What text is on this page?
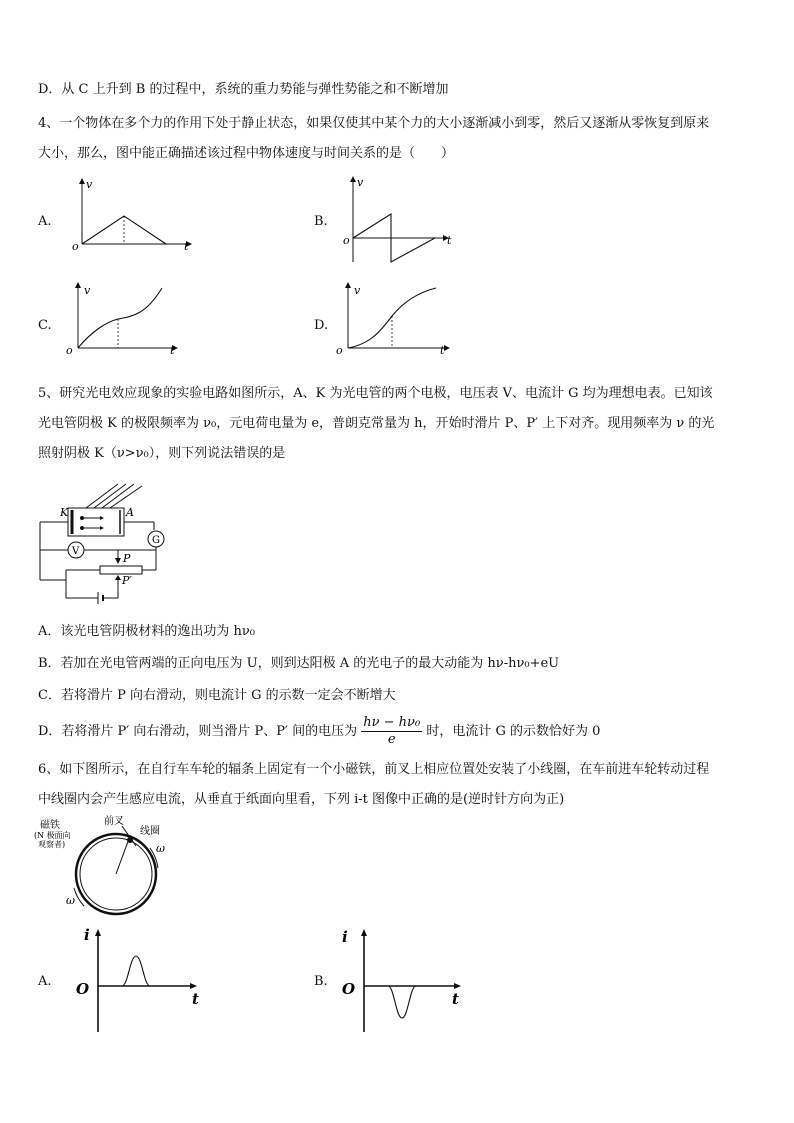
D．从 C 上升到 B 的过程中，系统的重力势能与弹性势能之和不断增加
4、一个物体在多个力的作用下处于静止状态，如果仅使其中某个力的大小逐渐减小到零，然后又逐渐从零恢复到原来
大小，那么，图中能正确描述该过程中物体速度与时间关系的是（　　）
A.	B.
C.	D.
v
o	t
v
o	t
v
o	t
v
o	t
5、研究光电效应现象的实验电路如图所示，A、K 为光电管的两个电极，电压表 V、电流计 G 均为理想电表。已知该
光电管阴极 K 的极限频率为 ν₀，元电荷电量为 e，普朗克常量为 h，开始时滑片 P、P′ 上下对齐。现用频率为 ν 的光
照射阴极 K（ν>ν₀），则下列说法错误的是
K	A
G
V
P
P′
A．该光电管阴极材料的逸出功为 hν₀
B．若加在光电管两端的正向电压为 U，则到达阳极 A 的光电子的最大动能为 hν-hν₀+eU
C．若将滑片 P 向右滑动，则电流计 G 的示数一定会不断增大
D．若将滑片 P′ 向右滑动，则当滑片 P、P′ 间的电压为 $\frac{\text{hν − hν₀}}{e}$ 时，电流计 G 的示数恰好为 0
6、如下图所示，在自行车车轮的辐条上固定有一个小磁铁，前叉上相应位置处安装了小线圈，在车前进车轮转动过程
中线圈内会产生感应电流，从垂直于纸面向里看，下列 i-t 图像中正确的是(逆时针方向为正)
磁铁
(N 极面向
观察者)
前叉
线圈
ω
ω
A.	B.
i
O
t
i
O
t
